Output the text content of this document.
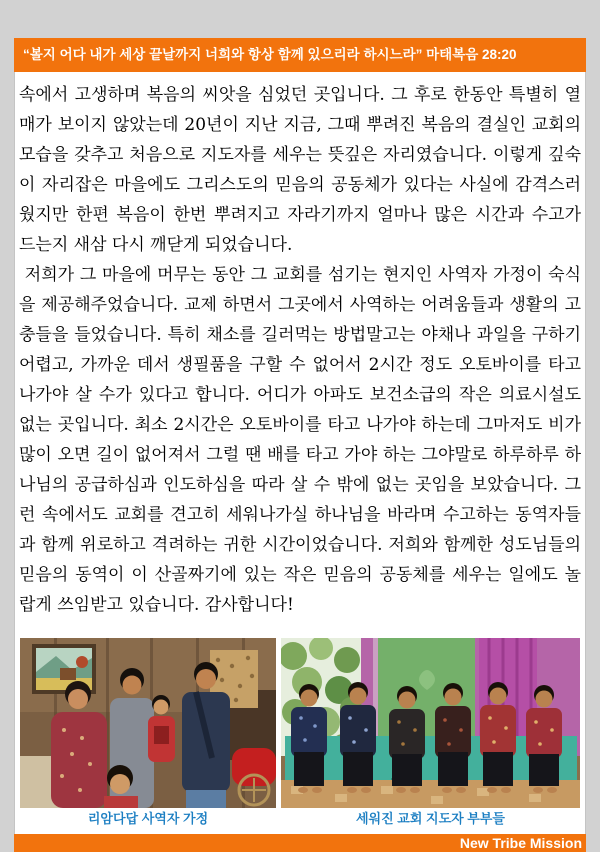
“볼지 어다 내가 세상 끝날까지 너희와 항상 함께 있으리라 하시느라” 마태복음 28:20

속에서 고생하며 복음의 씨앗을 심었던 곳입니다. 그 후로 한동안 특별히 열매가 보이지 않았는데 20년이 지난 지금, 그때 뿌려진 복음의 결실인 교회의 모습을 갖추고 처음으로 지도자를 세우는 뜻깊은 자리였습니다. 이렇게 깊숙이 자리잡은 마을에도 그리스도의 믿음의 공동체가 있다는 사실에 감격스러웠지만 한편 복음이 한번 뿌려지고 자라기까지 얼마나 많은 시간과 수고가 드는지 새삼 다시 깨닫게 되었습니다.

저희가 그 마을에 머무는 동안 그 교회를 섬기는 현지인 사역자 가정이 숙식을 제공해주었습니다. 교제 하면서 그곳에서 사역하는 어려움들과 생활의 고충들을 들었습니다. 특히 채소를 길러먹는 방법말고는 야채나 과일을 구하기 어렵고, 가까운 데서 생필품을 구할 수 없어서 2시간 정도 오토바이를 타고 나가야 살 수가 있다고 합니다. 어디가 아파도 보건소급의 작은 의료시설도 없는 곳입니다. 최소 2시간은 오토바이를 타고 나가야 하는데 그마저도 비가 많이 오면 길이 없어져서 그럴 땐 배를 타고 가야 하는 그야말로 하루하루 하나님의 공급하심과 인도하심을 따라 살 수 밖에 없는 곳임을 보았습니다. 그런 속에서도 교회를 견고히 세워나가실 하나님을 바라며 수고하는 동역자들과 함께 위로하고 격려하는 귀한 시간이었습니다. 저희와 함께한 성도님들의 믿음의 동역이 이 산골짜기에 있는 작은 믿음의 공동체를 세우는 일에도 놀랍게 쓰임받고 있습니다. 감사합니다!

리암다답 사역자 가정	세워진 교회 지도자 부부들
New Tribe Mission
